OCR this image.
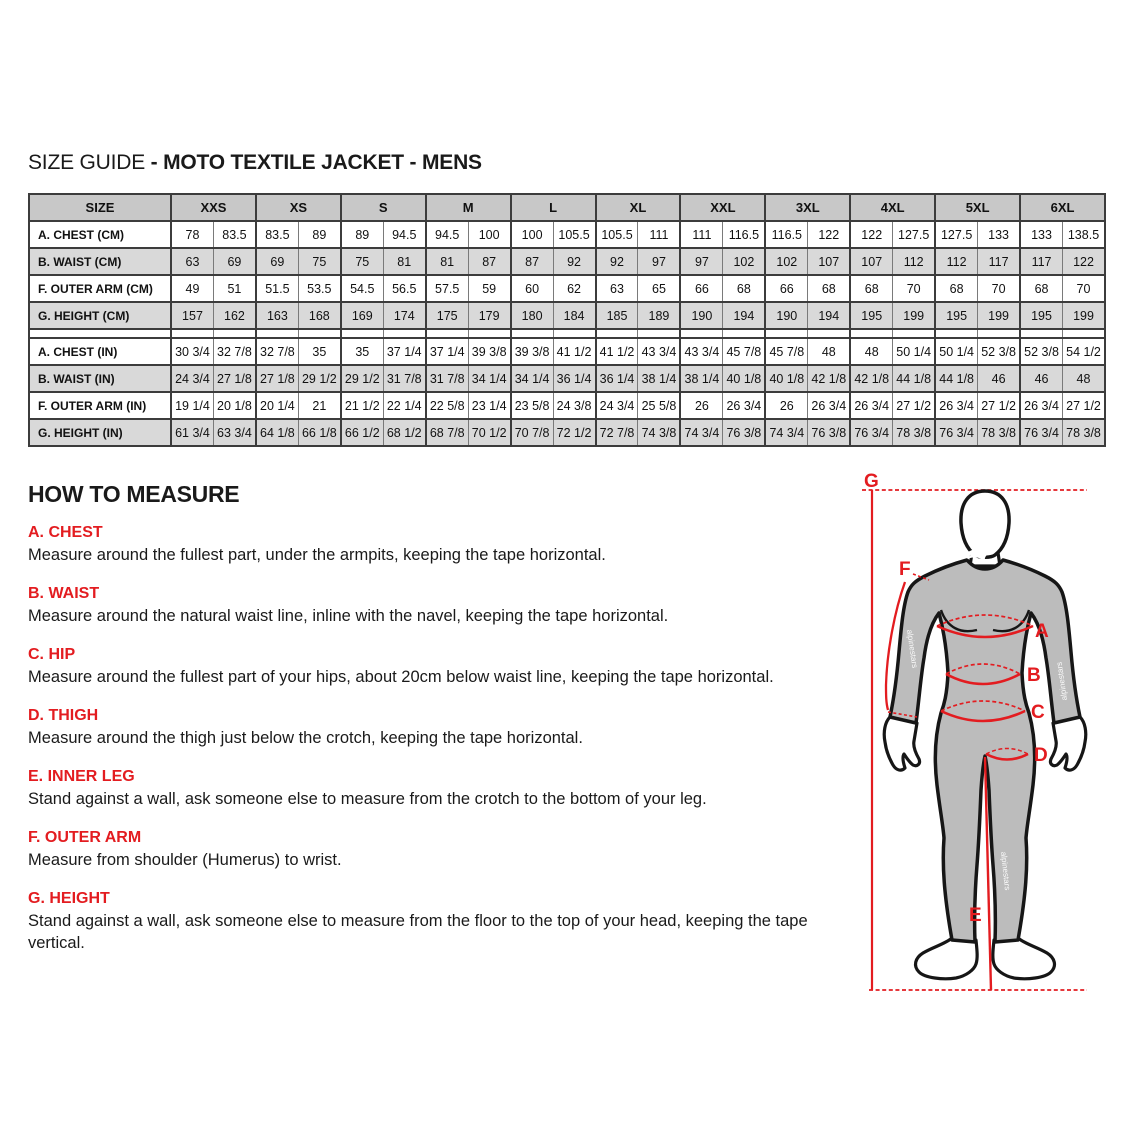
SIZE GUIDE - MOTO TEXTILE JACKET - MENS
SIZE	XXS		XS		S		M		L		XL		XXL		3XL		4XL		5XL		6XL	
A. CHEST (CM)	78	83.5	83.5	89	89	94.5	94.5	100	100	105.5	105.5	111	111	116.5	116.5	122	122	127.5	127.5	133	133	138.5
B. WAIST (CM)	63	69	69	75	75	81	81	87	87	92	92	97	97	102	102	107	107	112	112	117	117	122
F. OUTER ARM (CM)	49	51	51.5	53.5	54.5	56.5	57.5	59	60	62	63	65	66	68	66	68	68	70	68	70	68	70
G. HEIGHT (CM)	157	162	163	168	169	174	175	179	180	184	185	189	190	194	190	194	195	199	195	199	195	199

A. CHEST (IN)	30 3/4	32 7/8	32 7/8	35	35	37 1/4	37 1/4	39 3/8	39 3/8	41 1/2	41 1/2	43 3/4	43 3/4	45 7/8	45 7/8	48	48	50 1/4	50 1/4	52 3/8	52 3/8	54 1/2
B. WAIST (IN)	24 3/4	27 1/8	27 1/8	29 1/2	29 1/2	31 7/8	31 7/8	34 1/4	34 1/4	36 1/4	36 1/4	38 1/4	38 1/4	40 1/8	40 1/8	42 1/8	42 1/8	44 1/8	44 1/8	46	46	48
F. OUTER ARM (IN)	19 1/4	20 1/8	20 1/4	21	21 1/2	22 1/4	22 5/8	23 1/4	23 5/8	24 3/8	24 3/4	25 5/8	26	26 3/4	26	26 3/4	26 3/4	27 1/2	26 3/4	27 1/2	26 3/4	27 1/2
G. HEIGHT (IN)	61 3/4	63 3/4	64 1/8	66 1/8	66 1/2	68 1/2	68 7/8	70 1/2	70 7/8	72 1/2	72 7/8	74 3/8	74 3/4	76 3/8	74 3/4	76 3/8	76 3/4	78 3/8	76 3/4	78 3/8	76 3/4	78 3/8
HOW TO MEASURE
A. CHEST
Measure around the fullest part, under the armpits, keeping the tape horizontal.
B. WAIST
Measure around the natural waist line, inline with the navel, keeping the tape horizontal.
C. HIP
Measure around the fullest part of your hips, about 20cm below waist line, keeping the tape horizontal.
D. THIGH
Measure around the thigh just below the crotch, keeping the tape horizontal.
E. INNER LEG
Stand against a wall, ask someone else to measure from the crotch to the bottom of your leg.
F. OUTER ARM
Measure from shoulder (Humerus) to wrist.
G. HEIGHT
Stand against a wall, ask someone else to measure from the floor to the top of your head, keeping the tape vertical.
alpinestars
alpinestars
alpinestars
G
F
A
B
C
D
E
